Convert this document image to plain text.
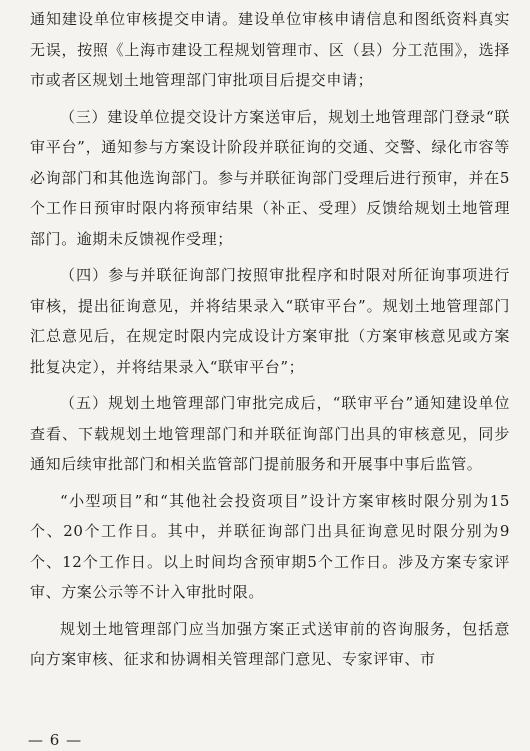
通知建设单位审核提交申请。建设单位审核申请信息和图纸资料真实无误，按照《上海市建设工程规划管理市、区（县）分工范围》，选择市或者区规划土地管理部门审批项目后提交申请；

（三）建设单位提交设计方案送审后，规划土地管理部门登录“联审平台”，通知参与方案设计阶段并联征询的交通、交警、绿化市容等必询部门和其他选询部门。参与并联征询部门受理后进行预审，并在5个工作日预审时限内将预审结果（补正、受理）反馈给规划土地管理部门。逾期未反馈视作受理；

（四）参与并联征询部门按照审批程序和时限对所征询事项进行审核，提出征询意见，并将结果录入“联审平台”。规划土地管理部门汇总意见后，在规定时限内完成设计方案审批（方案审核意见或方案批复决定），并将结果录入“联审平台”；

（五）规划土地管理部门审批完成后，“联审平台”通知建设单位查看、下载规划土地管理部门和并联征询部门出具的审核意见，同步通知后续审批部门和相关监管部门提前服务和开展事中事后监管。

“小型项目”和“其他社会投资项目”设计方案审核时限分别为15个、20个工作日。其中，并联征询部门出具征询意见时限分别为9个、12个工作日。以上时间均含预审期5个工作日。涉及方案专家评审、方案公示等不计入审批时限。

规划土地管理部门应当加强方案正式送审前的咨询服务，包括意向方案审核、征求和协调相关管理部门意见、专家评审、市

— 6 —
